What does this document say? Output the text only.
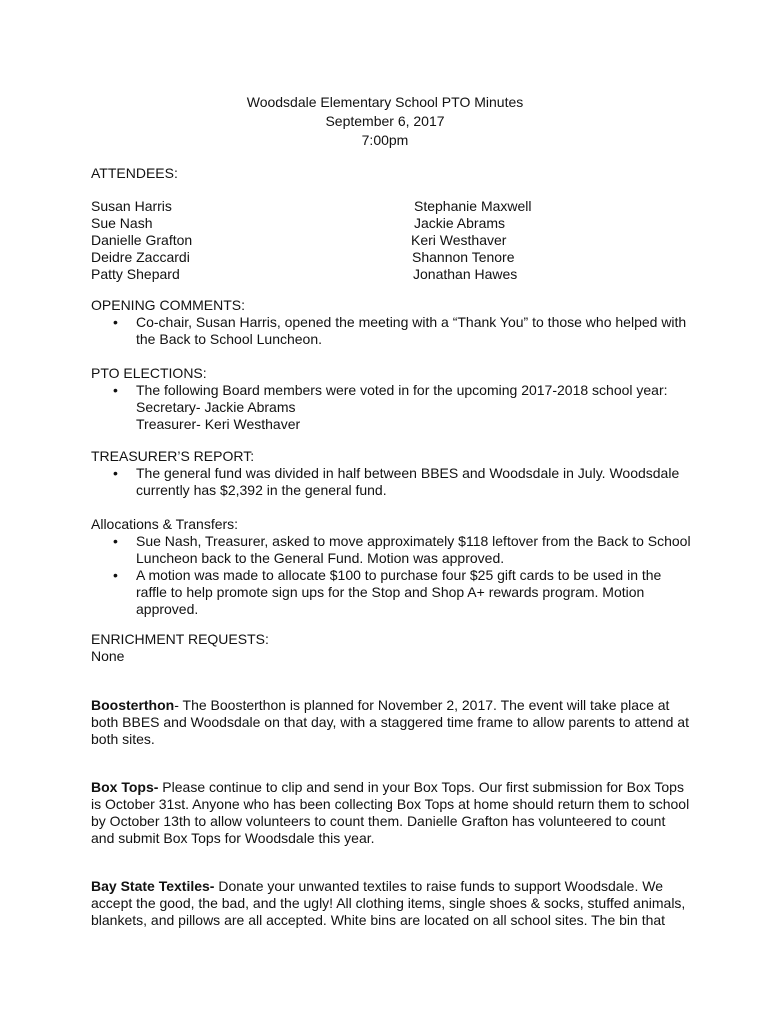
Woodsdale Elementary School PTO Minutes
September 6, 2017
7:00pm
ATTENDEES:
Susan Harris
Sue Nash
Danielle Grafton
Deidre Zaccardi
Patty Shepard
Stephanie Maxwell
Jackie Abrams
Keri Westhaver
Shannon Tenore
Jonathan Hawes
OPENING COMMENTS:
• Co-chair, Susan Harris, opened the meeting with a “Thank You” to those who helped with the Back to School Luncheon.
PTO ELECTIONS:
• The following Board members were voted in for the upcoming 2017-2018 school year:
Secretary- Jackie Abrams
Treasurer- Keri Westhaver
TREASURER’S REPORT:
• The general fund was divided in half between BBES and Woodsdale in July. Woodsdale currently has $2,392 in the general fund.
Allocations & Transfers:
• Sue Nash, Treasurer, asked to move approximately $118 leftover from the Back to School Luncheon back to the General Fund. Motion was approved.
• A motion was made to allocate $100 to purchase four $25 gift cards to be used in the raffle to help promote sign ups for the Stop and Shop A+ rewards program. Motion approved.
ENRICHMENT REQUESTS:
None
Boosterthon- The Boosterthon is planned for November 2, 2017. The event will take place at both BBES and Woodsdale on that day, with a staggered time frame to allow parents to attend at both sites.
Box Tops- Please continue to clip and send in your Box Tops. Our first submission for Box Tops is October 31st. Anyone who has been collecting Box Tops at home should return them to school by October 13th to allow volunteers to count them. Danielle Grafton has volunteered to count and submit Box Tops for Woodsdale this year.
Bay State Textiles- Donate your unwanted textiles to raise funds to support Woodsdale. We accept the good, the bad, and the ugly! All clothing items, single shoes & socks, stuffed animals, blankets, and pillows are all accepted. White bins are located on all school sites. The bin that
